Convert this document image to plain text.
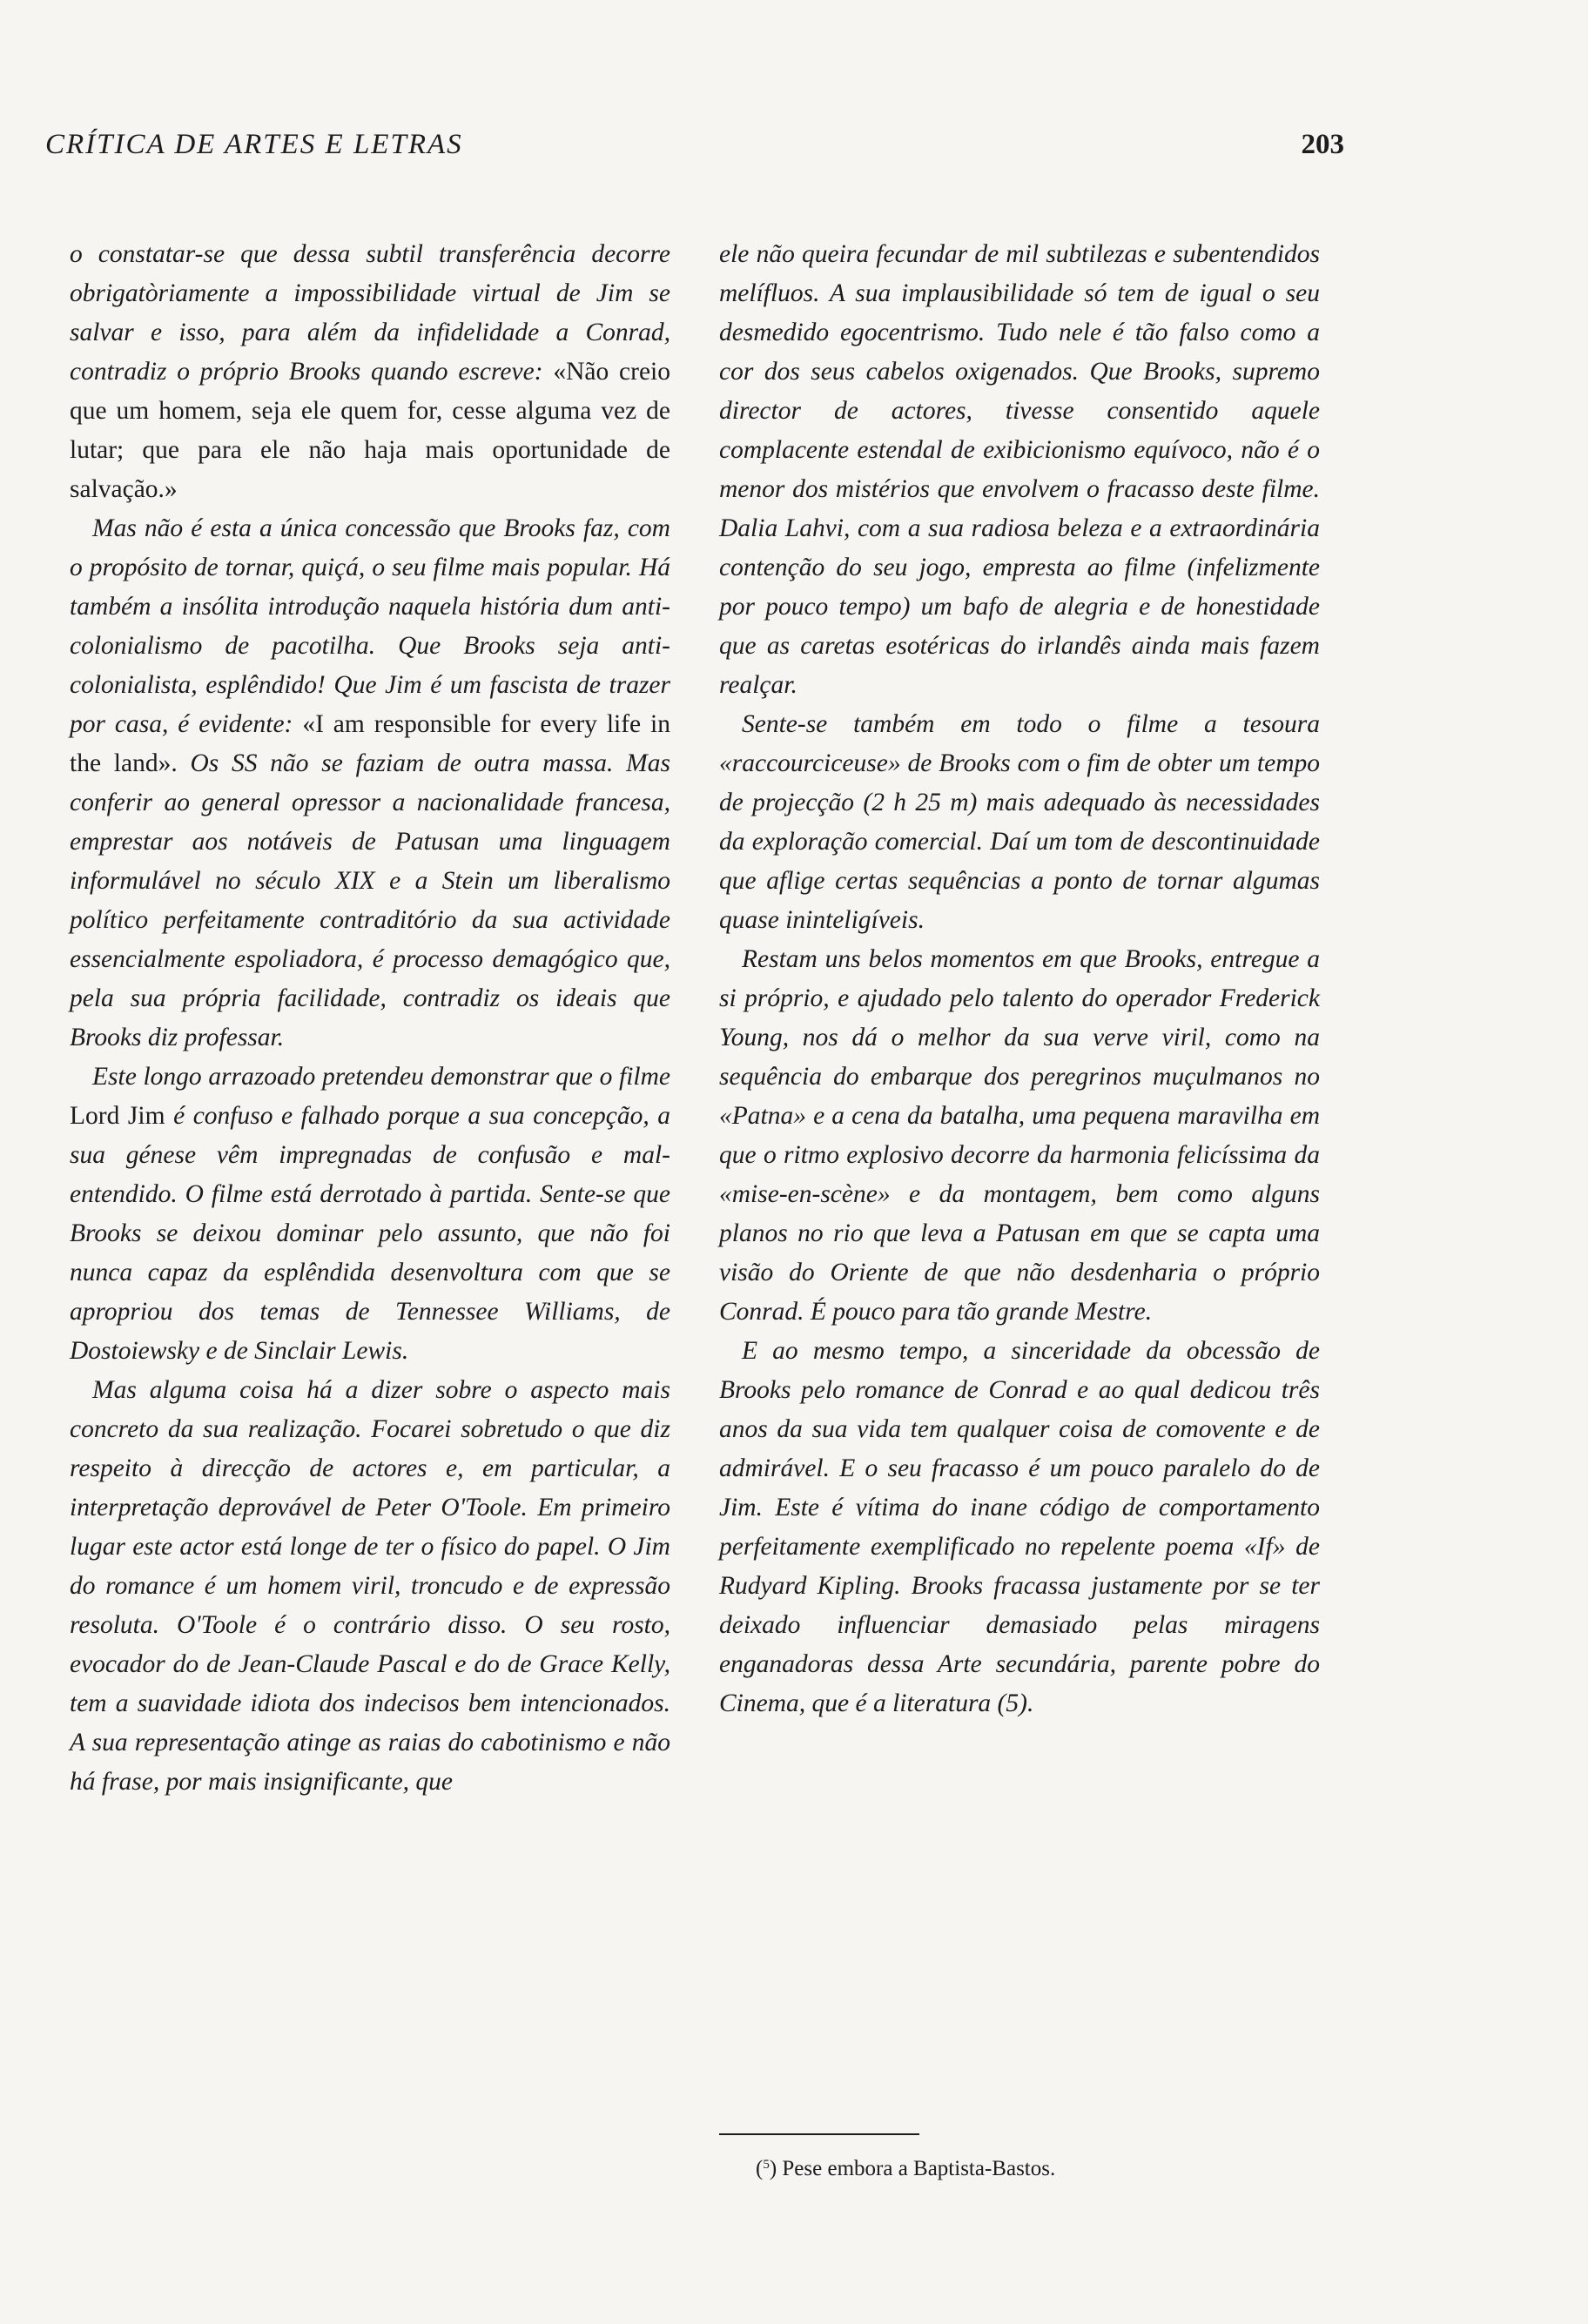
CRÍTICA DE ARTES E LETRAS	203

o constatar-se que dessa subtil transferência decorre obrigatòriamente a impossibilidade virtual de Jim se salvar e isso, para além da infidelidade a Conrad, contradiz o próprio Brooks quando escreve: «Não creio que um homem, seja ele quem for, cesse alguma vez de lutar; que para ele não haja mais oportunidade de salvação.»

Mas não é esta a única concessão que Brooks faz, com o propósito de tornar, quiçá, o seu filme mais popular. Há também a insólita introdução naquela história dum anti-colonialismo de pacotilha. Que Brooks seja anti-colonialista, esplêndido! Que Jim é um fascista de trazer por casa, é evidente: «I am responsible for every life in the land». Os SS não se faziam de outra massa. Mas conferir ao general opressor a nacionalidade francesa, emprestar aos notáveis de Patusan uma linguagem informulável no século XIX e a Stein um liberalismo político perfeitamente contraditório da sua actividade essencialmente espoliadora, é processo demagógico que, pela sua própria facilidade, contradiz os ideais que Brooks diz professar.

Este longo arrazoado pretendeu demonstrar que o filme Lord Jim é confuso e falhado porque a sua concepção, a sua génese vêm impregnadas de confusão e mal-entendido. O filme está derrotado à partida. Sente-se que Brooks se deixou dominar pelo assunto, que não foi nunca capaz da esplêndida desenvoltura com que se apropriou dos temas de Tennessee Williams, de Dostoiewsky e de Sinclair Lewis.

Mas alguma coisa há a dizer sobre o aspecto mais concreto da sua realização. Focarei sobretudo o que diz respeito à direcção de actores e, em particular, a interpretação deprovável de Peter O'Toole. Em primeiro lugar este actor está longe de ter o físico do papel. O Jim do romance é um homem viril, troncudo e de expressão resoluta. O'Toole é o contrário disso. O seu rosto, evocador do de Jean-Claude Pascal e do de Grace Kelly, tem a suavidade idiota dos indecisos bem intencionados. A sua representação atinge as raias do cabotinismo e não há frase, por mais insignificante, que

ele não queira fecundar de mil subtilezas e subentendidos melífluos. A sua implausibilidade só tem de igual o seu desmedido egocentrismo. Tudo nele é tão falso como a cor dos seus cabelos oxigenados. Que Brooks, supremo director de actores, tivesse consentido aquele complacente estendal de exibicionismo equívoco, não é o menor dos mistérios que envolvem o fracasso deste filme. Dalia Lahvi, com a sua radiosa beleza e a extraordinária contenção do seu jogo, empresta ao filme (infelizmente por pouco tempo) um bafo de alegria e de honestidade que as caretas esotéricas do irlandês ainda mais fazem realçar.

Sente-se também em todo o filme a tesoura «raccourciceuse» de Brooks com o fim de obter um tempo de projecção (2 h 25 m) mais adequado às necessidades da exploração comercial. Daí um tom de descontinuidade que aflige certas sequências a ponto de tornar algumas quase ininteligíveis.

Restam uns belos momentos em que Brooks, entregue a si próprio, e ajudado pelo talento do operador Frederick Young, nos dá o melhor da sua verve viril, como na sequência do embarque dos peregrinos muçulmanos no «Patna» e a cena da batalha, uma pequena maravilha em que o ritmo explosivo decorre da harmonia felicíssima da «mise-en-scène» e da montagem, bem como alguns planos no rio que leva a Patusan em que se capta uma visão do Oriente de que não desdenharia o próprio Conrad. É pouco para tão grande Mestre.

E ao mesmo tempo, a sinceridade da obcessão de Brooks pelo romance de Conrad e ao qual dedicou três anos da sua vida tem qualquer coisa de comovente e de admirável. E o seu fracasso é um pouco paralelo do de Jim. Este é vítima do inane código de comportamento perfeitamente exemplificado no repelente poema «If» de Rudyard Kipling. Brooks fracassa justamente por se ter deixado influenciar demasiado pelas miragens enganadoras dessa Arte secundária, parente pobre do Cinema, que é a literatura (5).

($^5$) Pese embora a Baptista-Bastos.
